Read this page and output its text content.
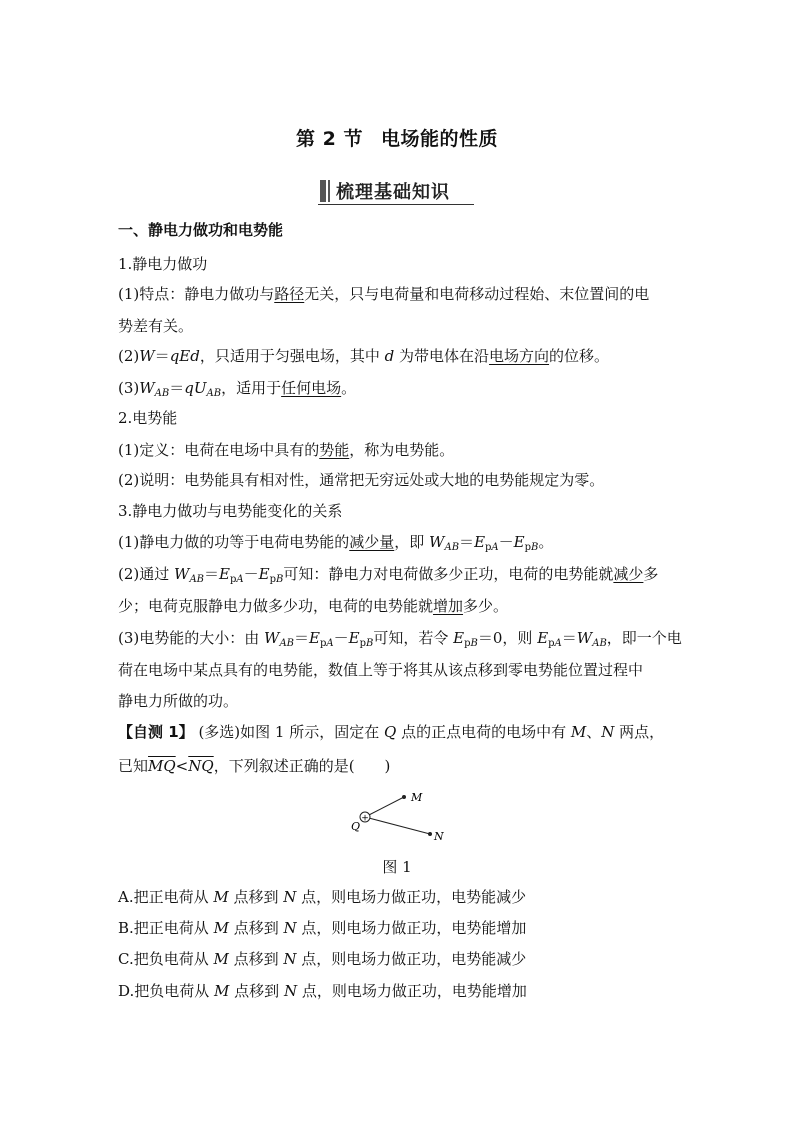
第 2 节 电场能的性质
梳理基础知识
一、静电力做功和电势能
1.静电力做功
(1)特点：静电力做功与路径无关，只与电荷量和电荷移动过程始、末位置间的电
势差有关。
(2)W＝qEd，只适用于匀强电场，其中 d 为带电体在沿电场方向的位移。
$(3)W_{AB}=qU_{AB}$，适用于任何电场。
2.电势能
(1)定义：电荷在电场中具有的势能，称为电势能。
(2)说明：电势能具有相对性，通常把无穷远处或大地的电势能规定为零。
3.静电力做功与电势能变化的关系
(1)静电力做的功等于电荷电势能的减少量，即 $W_{AB}=E_{pA}-E_{pB}$。
(2)通过 $W_{AB}=E_{pA}-E_{pB}$可知：静电力对电荷做多少正功，电荷的电势能就减少多
少；电荷克服静电力做多少功，电荷的电势能就增加多少。
(3)电势能的大小：由 $W_{AB}=E_{pA}-E_{pB}$可知，若令 $E_{pB}=0$，则 $E_{pA}=W_{AB}$，即一个电
荷在电场中某点具有的电势能，数值上等于将其从该点移到零电势能位置过程中
静电力所做的功。
【自测 1】 (多选)如图 1 所示，固定在 Q 点的正点电荷的电场中有 M、N 两点，
已知$\overline{MQ}<\overline{NQ}$，下列叙述正确的是(　　)
+
M
N
Q
图 1
A.把正电荷从 M 点移到 N 点，则电场力做正功，电势能减少
B.把正电荷从 M 点移到 N 点，则电场力做正功，电势能增加
C.把负电荷从 M 点移到 N 点，则电场力做正功，电势能减少
D.把负电荷从 M 点移到 N 点，则电场力做正功，电势能增加
